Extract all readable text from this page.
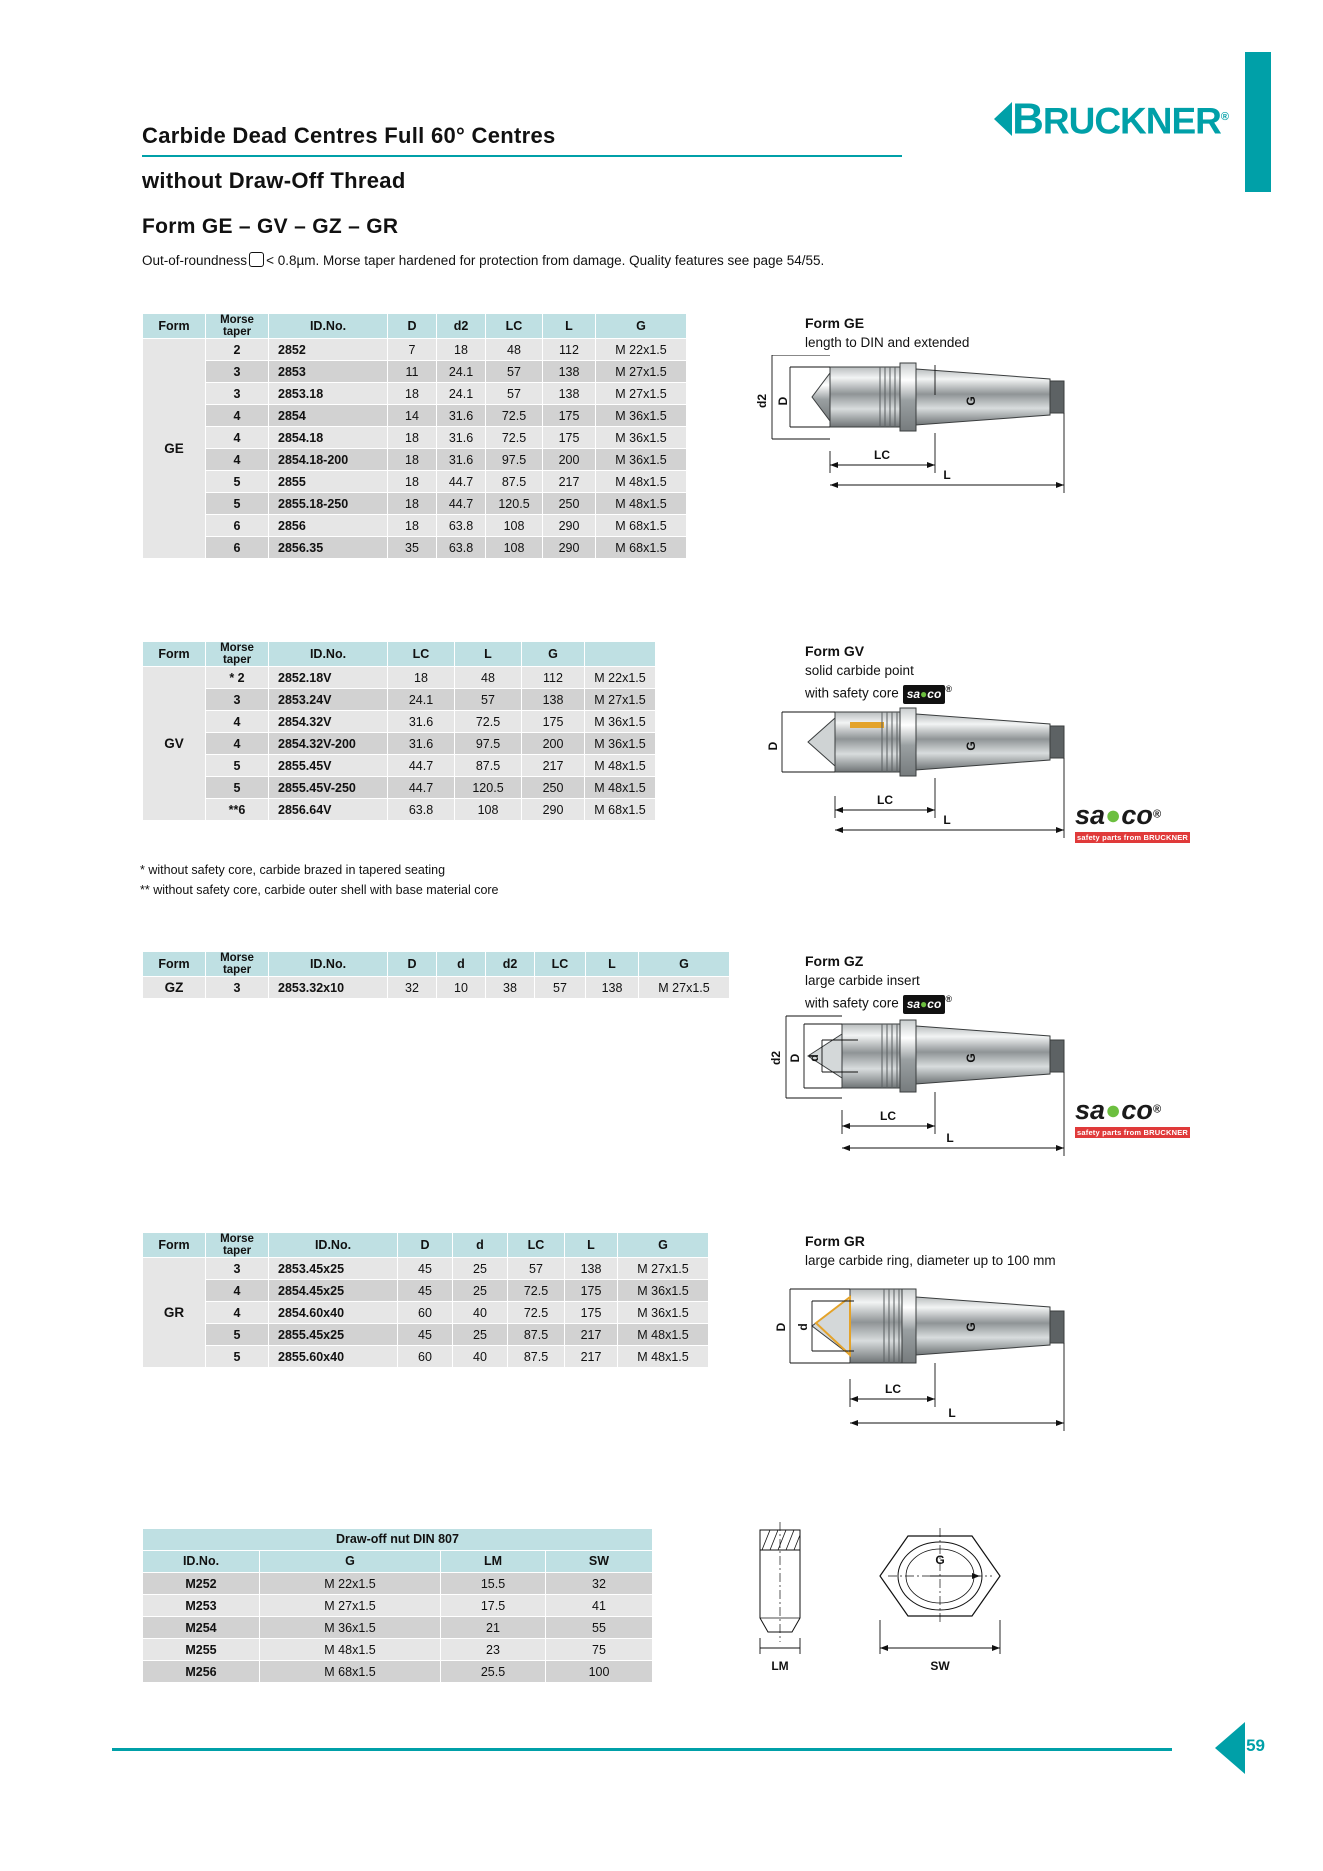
BRUCKNER®
Carbide Dead Centres Full 60° Centres
without Draw-Off Thread
Form GE – GV – GZ – GR
Out-of-roundness < 0.8µm. Morse taper hardened for protection from damage. Quality features see page 54/55.
Form	Morse
taper	ID.No.	D	d2	LC	L	G
GE	2	2852	7	18	48	112	M 22x1.5
	3	2853	11	24.1	57	138	M 27x1.5
	3	2853.18	18	24.1	57	138	M 27x1.5
	4	2854	14	31.6	72.5	175	M 36x1.5
	4	2854.18	18	31.6	72.5	175	M 36x1.5
	4	2854.18-200	18	31.6	97.5	200	M 36x1.5
	5	2855	18	44.7	87.5	217	M 48x1.5
	5	2855.18-250	18	44.7	120.5	250	M 48x1.5
	6	2856	18	63.8	108	290	M 68x1.5
	6	2856.35	35	63.8	108	290	M 68x1.5
Form	Morse
taper	ID.No.	LC	L	G	
GV	* 2	2852.18V	18	48	112	M 22x1.5
	3	2853.24V	24.1	57	138	M 27x1.5
	4	2854.32V	31.6	72.5	175	M 36x1.5
	4	2854.32V-200	31.6	97.5	200	M 36x1.5
	5	2855.45V	44.7	87.5	217	M 48x1.5
	5	2855.45V-250	44.7	120.5	250	M 48x1.5
	**6	2856.64V	63.8	108	290	M 68x1.5
* without safety core, carbide brazed in tapered seating
** without safety core, carbide outer shell with base material core
Form	Morse
taper	ID.No.	D	d	d2	LC	L	G
GZ	3	2853.32x10	32	10	38	57	138	M 27x1.5
Form	Morse
taper	ID.No.	D	d	LC	L	G
GR	3	2853.45x25	45	25	57	138	M 27x1.5
	4	2854.45x25	45	25	72.5	175	M 36x1.5
	4	2854.60x40	60	40	72.5	175	M 36x1.5
	5	2855.45x25	45	25	87.5	217	M 48x1.5
	5	2855.60x40	60	40	87.5	217	M 48x1.5
Draw-off nut DIN 807			
ID.No.	G	LM	SW
M252	M 22x1.5	15.5	32
M253	M 27x1.5	17.5	41
M254	M 36x1.5	21	55
M255	M 48x1.5	23	75
M256	M 68x1.5	25.5	100
Form GE
length to DIN and extended
Form GV
solid carbide point
with safety core sa●co ®
Form GZ
large carbide insert
with safety core sa●co ®
Form GR
large carbide ring, diameter up to 100 mm
D
d2
LC
L
G
D
LC
L
G
sa●co®
safety parts from BRUCKNER
d2 D d
LC
L
G
sa●co®
safety parts from BRUCKNER
D d
LC
L
G
LM
G
SW
59
